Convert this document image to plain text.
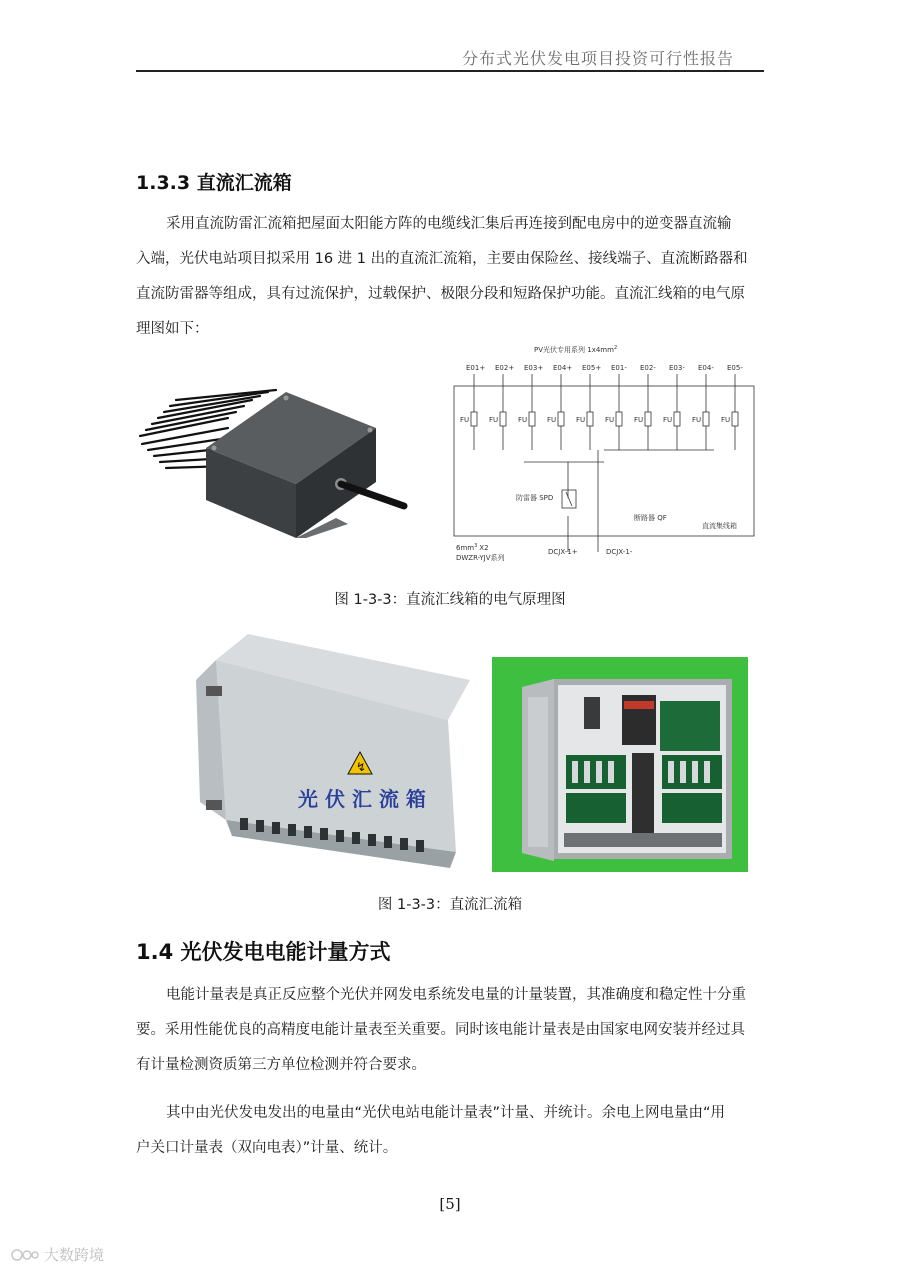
分布式光伏发电项目投资可行性报告
1.3.3 直流汇流箱
采用直流防雷汇流箱把屋面太阳能方阵的电缆线汇集后再连接到配电房中的逆变器直流输
入端，光伏电站项目拟采用 16 进 1 出的直流汇流箱，主要由保险丝、接线端子、直流断路器和
直流防雷器等组成，具有过流保护，过载保护、极限分段和短路保护功能。直流汇线箱的电气原
理图如下：
PV光伏专用系列 $1x4mm^2$
E01+ E02+ E03+ E04+ E05+ E01- E02- E03- E04- E05-
FU	FU	FU	FU	FU	FU	FU	FU	FU	FU
防雷器 SPD
断路器 QF
直流集线箱
$6mm^3$ X2
DWZR-YJV系列
DCJX-1+	DCJX-1-
图 1-3-3：直流汇线箱的电气原理图
↯
光 伏 汇 流 箱
图 1-3-3：直流汇流箱
1.4 光伏发电电能计量方式
电能计量表是真正反应整个光伏并网发电系统发电量的计量装置，其准确度和稳定性十分重
要。采用性能优良的高精度电能计量表至关重要。同时该电能计量表是由国家电网安装并经过具
有计量检测资质第三方单位检测并符合要求。
其中由光伏发电发出的电量由“光伏电站电能计量表”计量、并统计。余电上网电量由“用
户关口计量表（双向电表）”计量、统计。
[5]
大数跨境
